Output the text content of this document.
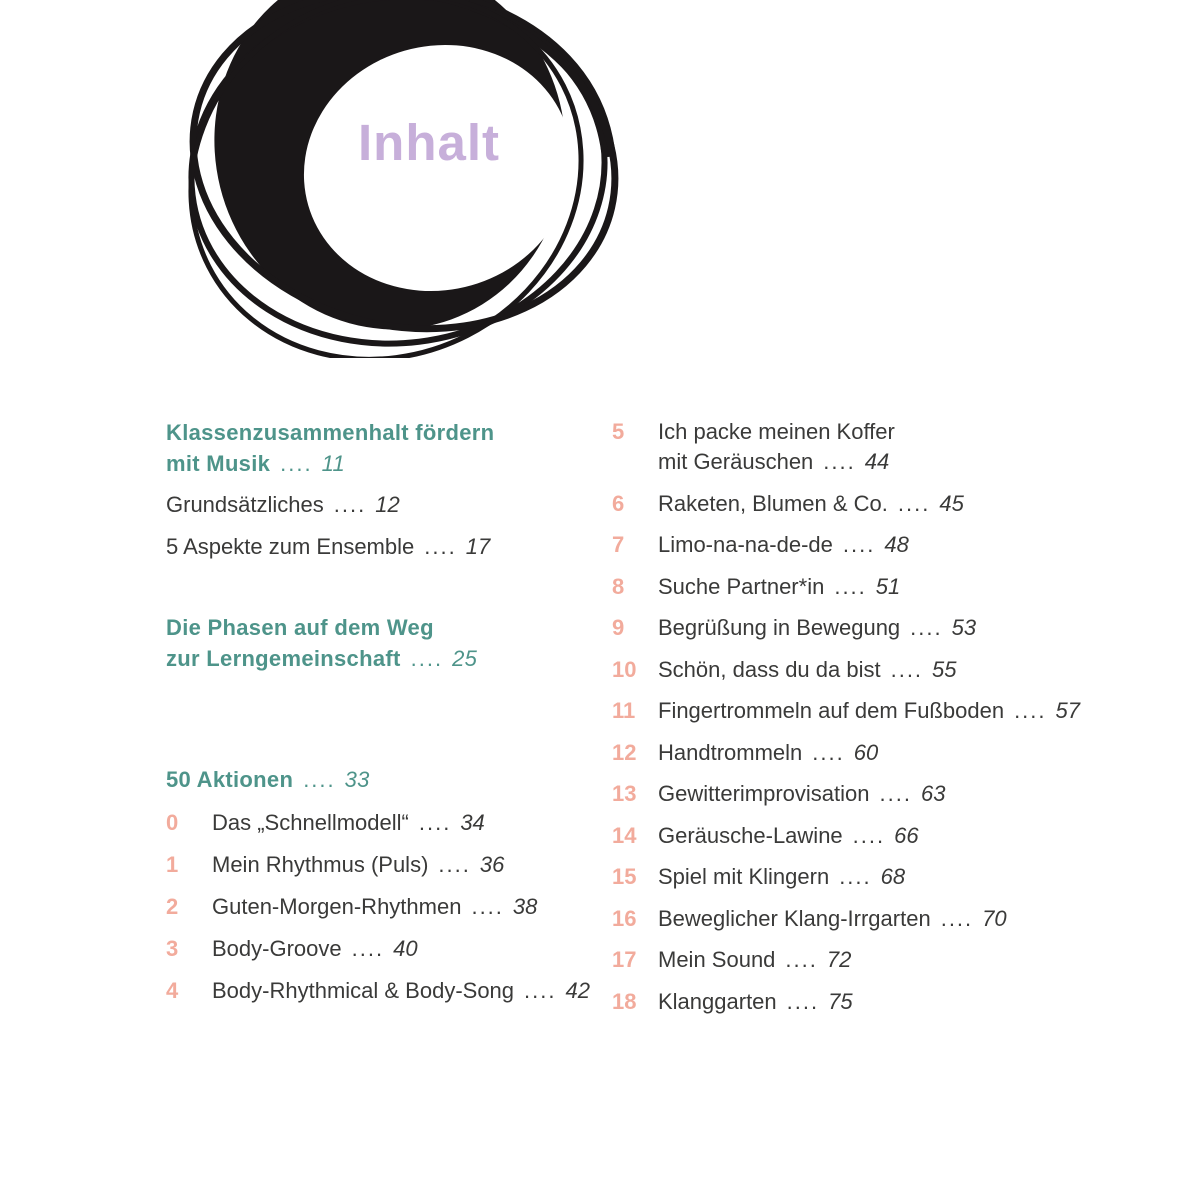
Inhalt
Klassenzusammenhalt fördern
mit Musik .... 11
Grundsätzliches .... 12
5 Aspekte zum Ensemble .... 17
Die Phasen auf dem Weg
zur Lerngemeinschaft .... 25
50 Aktionen .... 33
0	Das „Schnellmodell“ .... 34
1	Mein Rhythmus (Puls) .... 36
2	Guten-Morgen-Rhythmen .... 38
3	Body-Groove .... 40
4	Body-Rhythmical & Body-Song .... 42
5	Ich packe meinen Koffer
mit Geräuschen .... 44
6	Raketen, Blumen & Co. .... 45
7	Limo-na-na-de-de .... 48
8	Suche Partner*in .... 51
9	Begrüßung in Bewegung .... 53
10 Schön, dass du da bist .... 55
11	Fingertrommeln auf dem Fußboden .... 57
12 Handtrommeln .... 60
13 Gewitterimprovisation .... 63
14 Geräusche-Lawine .... 66
15 Spiel mit Klingern .... 68
16 Beweglicher Klang-Irrgarten .... 70
17 Mein Sound .... 72
18 Klanggarten .... 75
